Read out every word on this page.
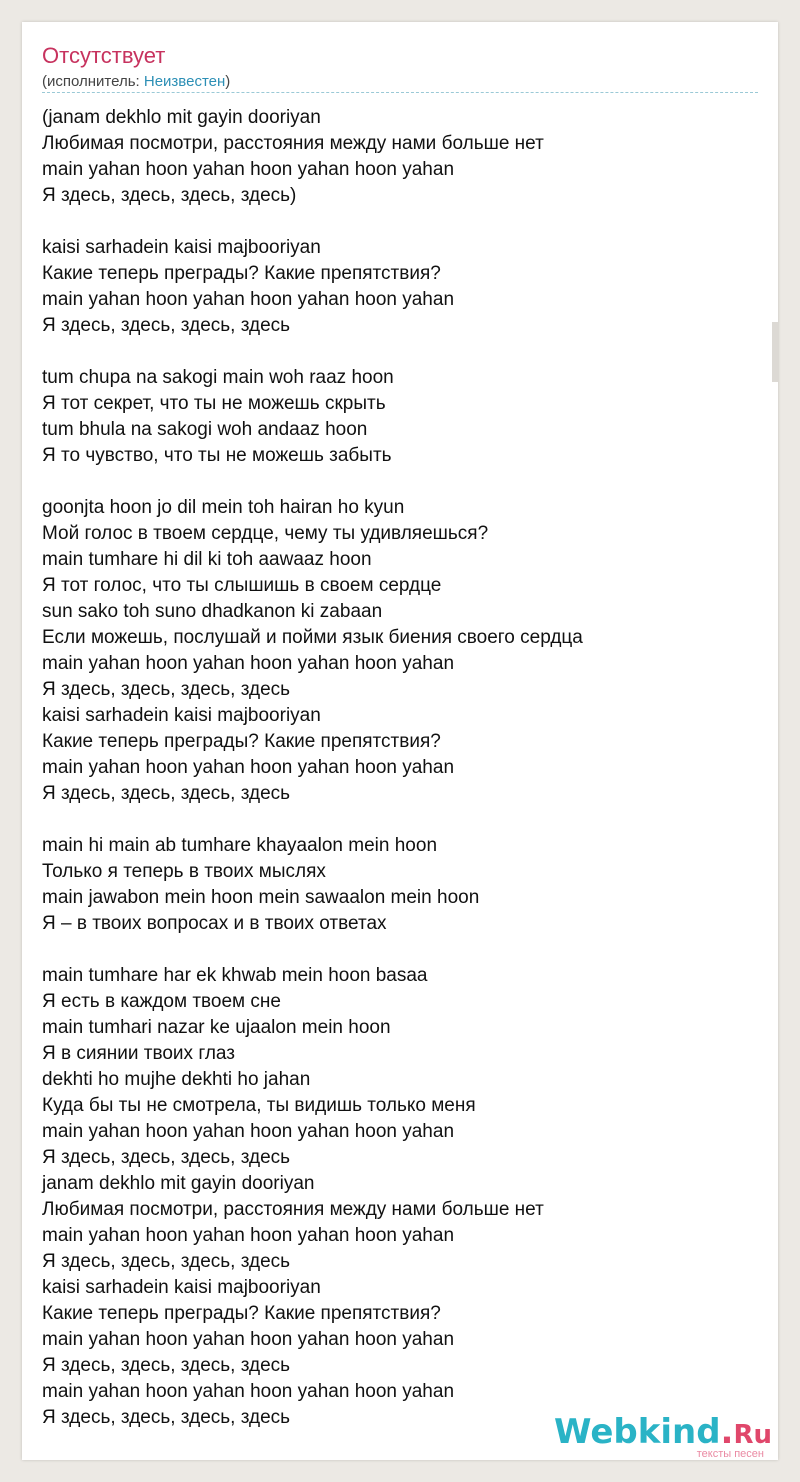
Отсутствует
(исполнитель: Неизвестен)
(janam dekhlo mit gayin dooriyan
Любимая посмотри, расстояния между нами больше нет
main yahan hoon yahan hoon yahan hoon yahan
Я здесь, здесь, здесь, здесь)
kaisi sarhadein kaisi majbooriyan
Какие теперь преграды? Какие препятствия?
main yahan hoon yahan hoon yahan hoon yahan
Я здесь, здесь, здесь, здесь
tum chupa na sakogi main woh raaz hoon
Я тот секрет, что ты не можешь скрыть
tum bhula na sakogi woh andaaz hoon
Я то чувство, что ты не можешь забыть
goonjta hoon jo dil mein toh hairan ho kyun
Мой голос в твоем сердце, чему ты удивляешься?
main tumhare hi dil ki toh aawaaz hoon
Я тот голос, что ты слышишь в своем сердце
sun sako toh suno dhadkanon ki zabaan
Если можешь, послушай и пойми язык биения своего сердца
main yahan hoon yahan hoon yahan hoon yahan
Я здесь, здесь, здесь, здесь
kaisi sarhadein kaisi majbooriyan
Какие теперь преграды? Какие препятствия?
main yahan hoon yahan hoon yahan hoon yahan
Я здесь, здесь, здесь, здесь
main hi main ab tumhare khayaalon mein hoon
Только я теперь в твоих мыслях
main jawabon mein hoon mein sawaalon mein hoon
Я – в твоих вопросах и в твоих ответах
main tumhare har ek khwab mein hoon basaa
Я есть в каждом твоем сне
main tumhari nazar ke ujaalon mein hoon
Я в сиянии твоих глаз
dekhti ho mujhe dekhti ho jahan
Куда бы ты не смотрела, ты видишь только меня
main yahan hoon yahan hoon yahan hoon yahan
Я здесь, здесь, здесь, здесь
janam dekhlo mit gayin dooriyan
Любимая посмотри, расстояния между нами больше нет
main yahan hoon yahan hoon yahan hoon yahan
Я здесь, здесь, здесь, здесь
kaisi sarhadein kaisi majbooriyan
Какие теперь преграды? Какие препятствия?
main yahan hoon yahan hoon yahan hoon yahan
Я здесь, здесь, здесь, здесь
main yahan hoon yahan hoon yahan hoon yahan
Я здесь, здесь, здесь, здесь	Webkind.Ru
тексты песен
